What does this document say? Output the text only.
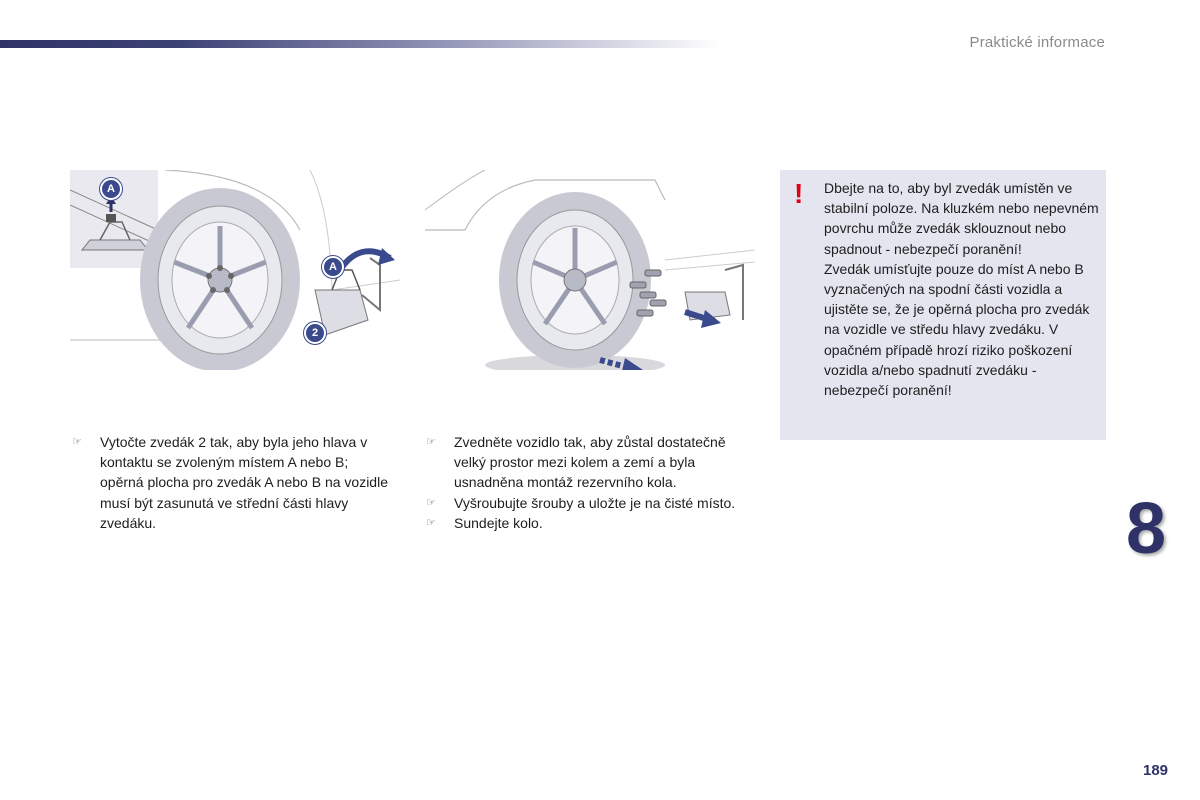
Praktické informace
A
A
2
! Dbejte na to, aby byl zvedák umístěn ve stabilní poloze. Na kluzkém nebo nepevném povrchu může zvedák sklouznout nebo spadnout - nebezpečí poranění!

Zvedák umísťujte pouze do míst A nebo B vyznačených na spodní části vozidla a ujistěte se, že je opěrná plocha pro zvedák na vozidle ve středu hlavy zvedáku. V opačném případě hrozí riziko poškození vozidla a/nebo spadnutí zvedáku - nebezpečí poranění!

☞ Vytočte zvedák 2 tak, aby byla jeho hlava v kontaktu se zvoleným místem A nebo B; opěrná plocha pro zvedák A nebo B na vozidle musí být zasunutá ve střední části hlavy zvedáku.

☞ Zvedněte vozidlo tak, aby zůstal dostatečně velký prostor mezi kolem a zemí a byla usnadněna montáž rezervního kola.

☞ Vyšroubujte šrouby a uložte je na čisté místo.

☞ Sundejte kolo.	8
189
